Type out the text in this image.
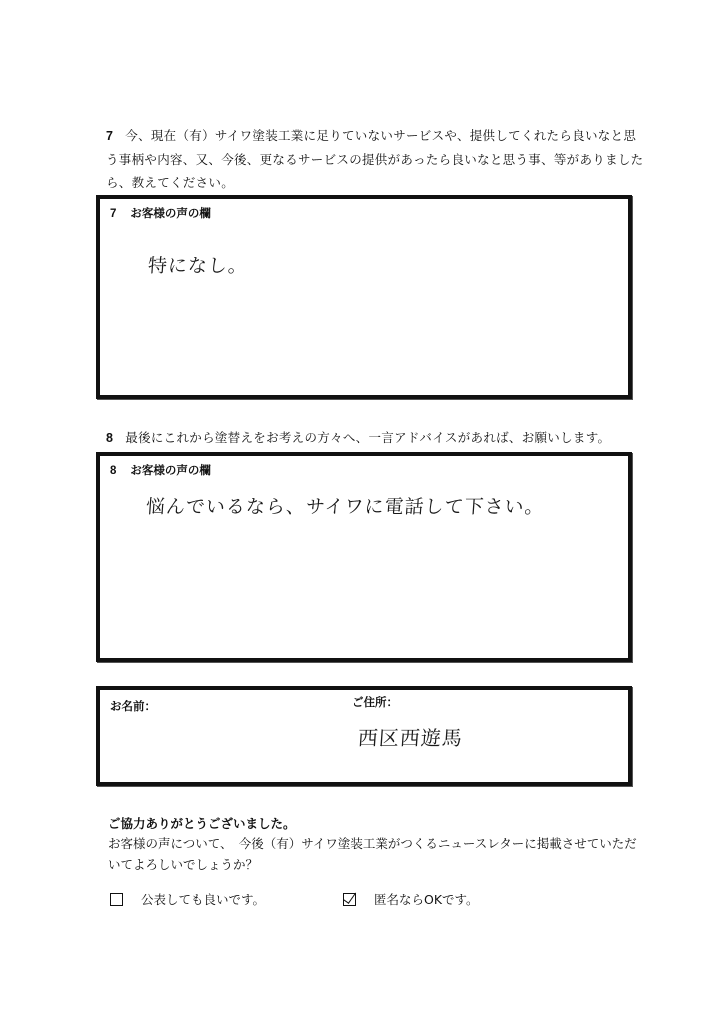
7 今、現在（有）サイワ塗装工業に足りていないサービスや、提供してくれたら良いなと思う事柄や内容、又、今後、更なるサービスの提供があったら良いなと思う事、等がありましたら、教えてください。
7 お客様の声の欄
特になし。
8 最後にこれから塗替えをお考えの方々へ、一言アドバイスがあれば、お願いします。
8 お客様の声の欄
悩んでいるなら、サイワに電話して下さい。
お名前：	ご住所：
西区西遊馬
ご協力ありがとうございました。
お客様の声について、　今後（有）サイワ塗装工業がつくるニュースレターに掲載させていただいてよろしいでしょうか？
公表しても良いです。	匿名ならOKです。
